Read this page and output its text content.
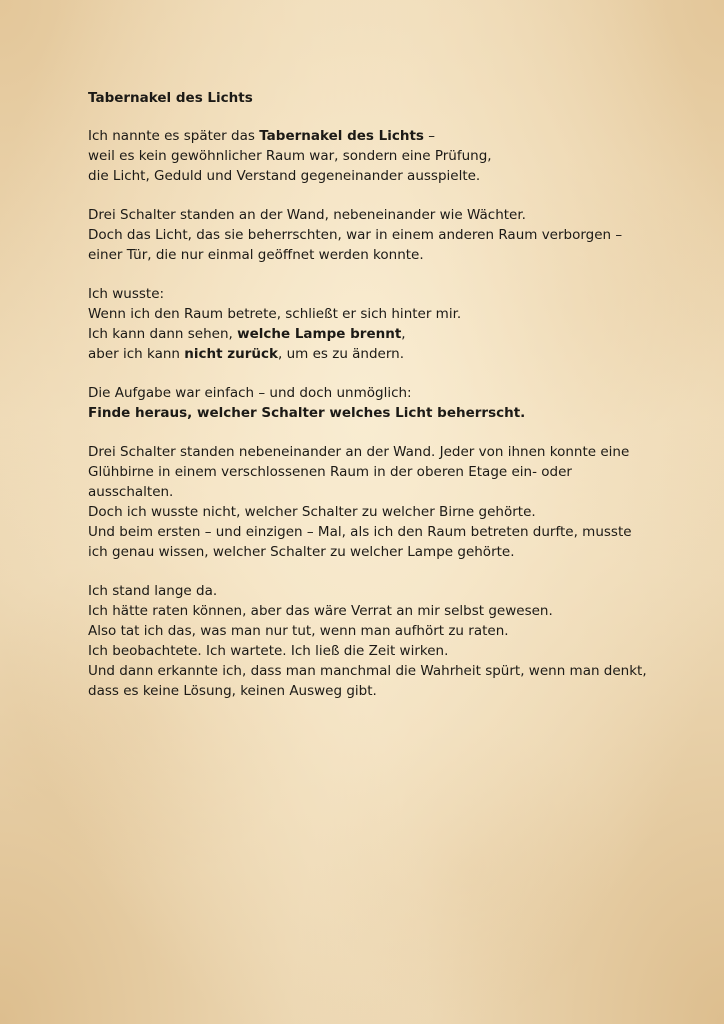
Tabernakel des Lichts
Ich nannte es später das Tabernakel des Lichts –
weil es kein gewöhnlicher Raum war, sondern eine Prüfung,
die Licht, Geduld und Verstand gegeneinander ausspielte.
Drei Schalter standen an der Wand, nebeneinander wie Wächter.
Doch das Licht, das sie beherrschten, war in einem anderen Raum verborgen –
einer Tür, die nur einmal geöffnet werden konnte.
Ich wusste:
Wenn ich den Raum betrete, schließt er sich hinter mir.
Ich kann dann sehen, welche Lampe brennt,
aber ich kann nicht zurück, um es zu ändern.
Die Aufgabe war einfach – und doch unmöglich:
Finde heraus, welcher Schalter welches Licht beherrscht.
Drei Schalter standen nebeneinander an der Wand. Jeder von ihnen konnte eine
Glühbirne in einem verschlossenen Raum in der oberen Etage ein- oder
ausschalten.
Doch ich wusste nicht, welcher Schalter zu welcher Birne gehörte.
Und beim ersten – und einzigen – Mal, als ich den Raum betreten durfte, musste
ich genau wissen, welcher Schalter zu welcher Lampe gehörte.
Ich stand lange da.
Ich hätte raten können, aber das wäre Verrat an mir selbst gewesen.
Also tat ich das, was man nur tut, wenn man aufhört zu raten.
Ich beobachtete. Ich wartete. Ich ließ die Zeit wirken.
Und dann erkannte ich, dass man manchmal die Wahrheit spürt, wenn man denkt,
dass es keine Lösung, keinen Ausweg gibt.
